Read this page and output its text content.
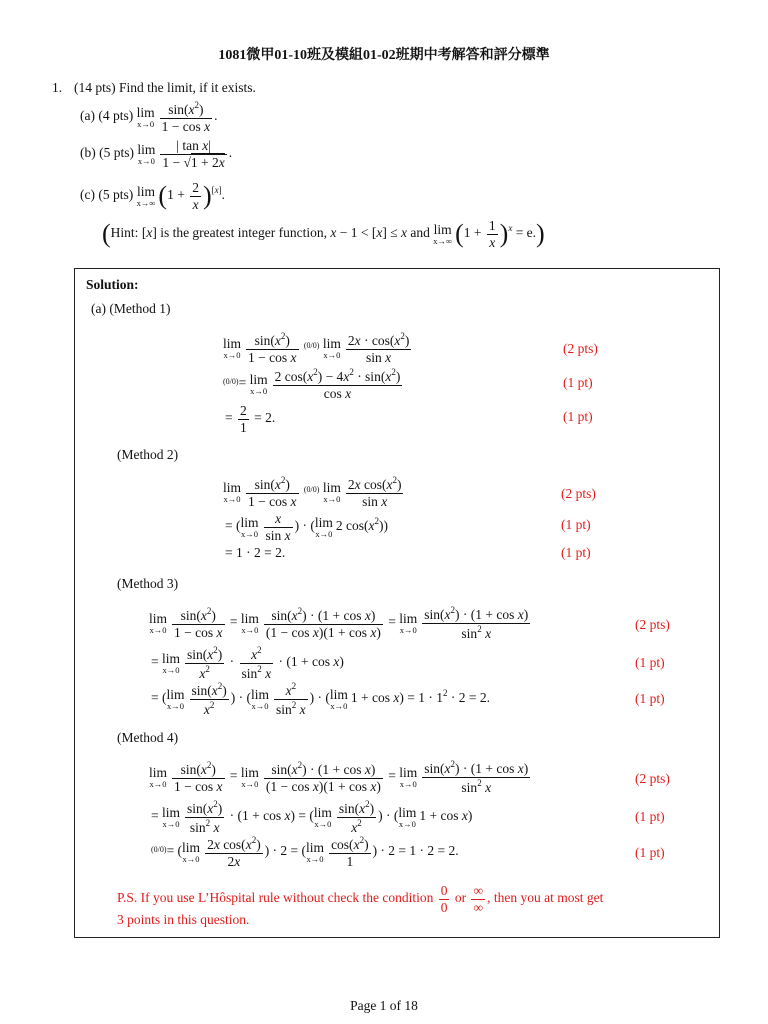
1081微甲01-10班及模組01-02班期中考解答和評分標準
1. (14 pts) Find the limit, if it exists.
(a) (4 pts) lim
$x\to 0 \frac{\sin(x^2)}{\text{1 − cos x}}$ .
(b) (5 pts) lim
$x\to 0 \frac{\text{| tan x|}}{1 - √1 + 2x}$ .
(c) (5 pts) lim
x→∞ $(1 + \frac{2}{x} )[x]$.
(Hint: [x] is the greatest integer function, x − 1 < [x] ≤ x and lim
x→∞ $(1 + \frac{1}{x} )^x = e$.)
Solution:
(a) (Method 1)
lim
$x\to 0 \frac{\sin(x^2)}{\text{1 − cos x}} (0/0)$ lim
$x\to 0 \frac{2x \cdot \cos(x^2)}{\text{sin x}}$
(0/0)= lim
$x\to 0 \frac{2 \cos(x^2) - 4x^2 \cdot \sin(x^2)}{\text{cos x}}$
= $\frac{2}{1} = 2$.
(2 pts)
(1 pt)
(1 pt)
(Method 2)
lim
$x\to 0 \frac{\sin(x^2)}{\text{1 − cos x}} (0/0)$ lim
$x\to 0 \frac{2x \cos(x^2)}{\text{sin x}}$
= (lim
$x\to 0 \frac{x}{\text{sin x}}$ ) · (lim
x→0
2 $\cos(x^2)$)
= 1 · 2 = 2.
(2 pts)
(1 pt)
(1 pt)
(Method 3)
lim
$x\to 0 \frac{\sin(x^2)}{\text{1 − cos x}} = \lim$
$x\to 0 \frac{\sin(x^2) \cdot (1 + \cos x)}{\text{(1 − cos x)(1 + cos x)}} = \lim$
$x\to 0 \frac{\sin(x^2) \cdot (1 + \cos x)}{\sin^2 x}$
= lim
$x\to 0 \frac{\sin(x^2)}{x^2} \cdot \frac{x^2}{\sin^2 x} \cdot (1 + \cos x)$
= (lim
$x\to 0 \frac{\sin(x^2)}{x^2}$ ) · (lim
$x\to 0 \frac{x^2}{\sin^2 x}$ ) · (lim
x→0
$1 + \cos x) = 1 \cdot 1^2 \cdot 2 = 2$.
(2 pts)
(1 pt)
(1 pt)
(Method 4)
lim
$x\to 0 \frac{\sin(x^2)}{\text{1 − cos x}} = \lim$
$x\to 0 \frac{\sin(x^2) \cdot (1 + \cos x)}{\text{(1 − cos x)(1 + cos x)}} = \lim$
$x\to 0 \frac{\sin(x^2) \cdot (1 + \cos x)}{\sin^2 x}$
= lim
$x\to 0 \frac{\sin(x^2)}{\sin^2 x} \cdot (1 + \cos x) = (\lim$
$x\to 0 \frac{\sin(x^2)}{x^2}$ ) · (lim
x→0
1 + cos x)
(0/0)= (lim
$x\to 0 \frac{2x \cos(x^2)}{2x}$ ) · 2 = (lim
$x\to 0 \frac{\cos(x^2)}{1}$ ) · 2 = 1 · 2 = 2.
(2 pts)
(1 pt)
(1 pt)
P.S. If you use L’Hôspital rule without check the condition $\frac{0}{0}$ or $\frac{\infty}{\infty}$ , then you at most get
3 points in this question.
Page 1 of 18
